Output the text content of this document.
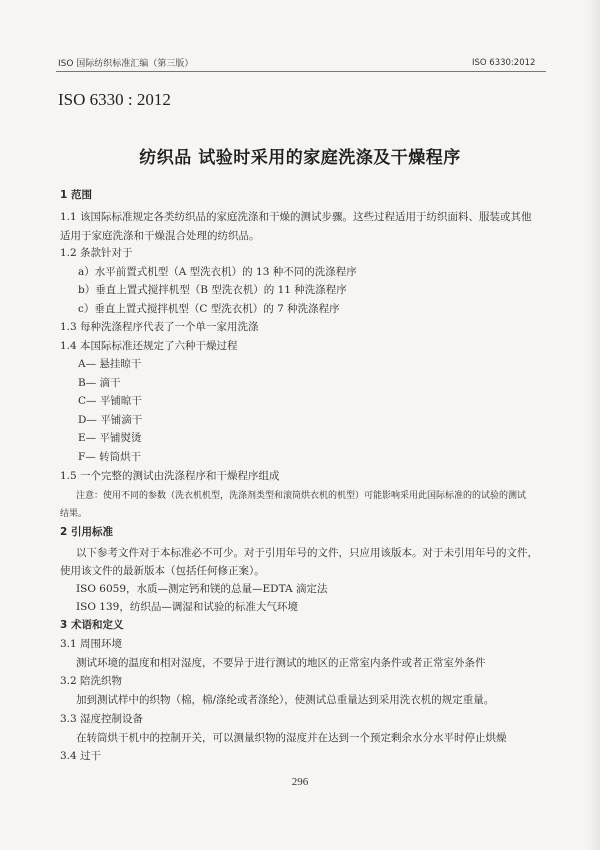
ISO 国际纺织标准汇编（第三版）	ISO 6330:2012
ISO 6330 : 2012
纺织品 试验时采用的家庭洗涤及干燥程序
1 范围
1.1 该国际标准规定各类纺织品的家庭洗涤和干燥的测试步骤。这些过程适用于纺织面料、服装或其他
适用于家庭洗涤和干燥混合处理的纺织品。
1.2 条款针对于
a）水平前置式机型（A 型洗衣机）的 13 种不同的洗涤程序
b）垂直上置式搅拌机型（B 型洗衣机）的 11 种洗涤程序
c）垂直上置式搅拌机型（C 型洗衣机）的 7 种洗涤程序
1.3 每种洗涤程序代表了一个单一家用洗涤
1.4 本国际标准还规定了六种干燥过程
A— 悬挂晾干
B— 滴干
C— 平铺晾干
D— 平铺滴干
E— 平铺熨烫
F— 转筒烘干
1.5 一个完整的测试由洗涤程序和干燥程序组成
注意：使用不同的参数（洗衣机机型，洗涤剂类型和滚筒烘衣机的机型）可能影响采用此国际标准的的试验的测试
结果。
2 引用标准
以下参考文件对于本标准必不可少。对于引用年号的文件，只应用该版本。对于未引用年号的文件，
使用该文件的最新版本（包括任何修正案）。
ISO 6059，水质—测定钙和镁的总量—EDTA 滴定法
ISO 139，纺织品—调湿和试验的标准大气环境
3 术语和定义
3.1 周围环境
测试环境的温度和相对湿度，不要异于进行测试的地区的正常室内条件或者正常室外条件
3.2 陪洗织物
加到测试样中的织物（棉，棉/涤纶或者涤纶），使测试总重量达到采用洗衣机的规定重量。
3.3 湿度控制设备
在转筒烘干机中的控制开关，可以测量织物的湿度并在达到一个预定剩余水分水平时停止烘燥
3.4 过干
296
